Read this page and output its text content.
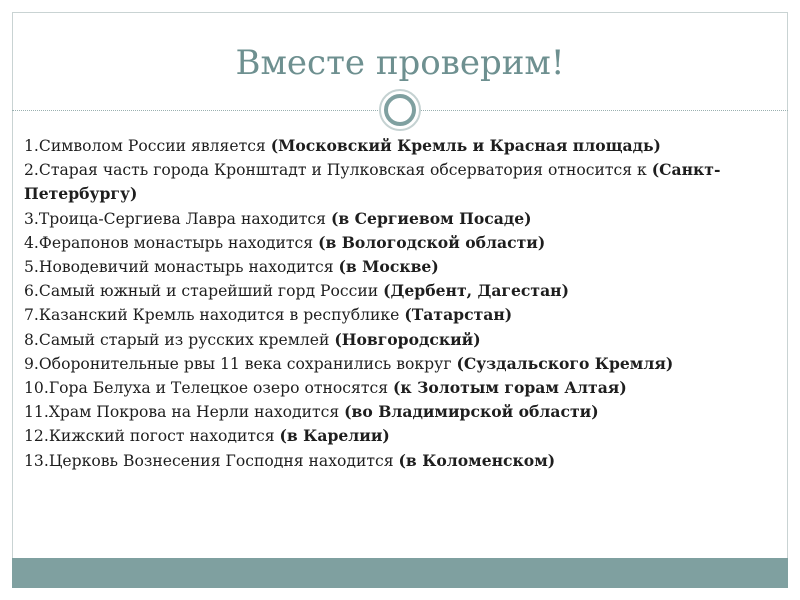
Вместе проверим!
1.Символом России является (Московский Кремль и Красная площадь)
2.Старая часть города Кронштадт и Пулковская обсерватория относится к (Санкт-Петербургу)
3.Троица-Сергиева Лавра находится (в Сергиевом Посаде)
4.Ферапонов монастырь находится (в Вологодской области)
5.Новодевичий монастырь находится (в Москве)
6.Самый южный и старейший горд России (Дербент, Дагестан)
7.Казанский Кремль находится в республике (Татарстан)
8.Самый старый из русских кремлей (Новгородский)
9.Оборонительные рвы 11 века сохранились вокруг (Суздальского Кремля)
10.Гора Белуха и Телецкое озеро относятся (к Золотым горам Алтая)
11.Храм Покрова на Нерли находится (во Владимирской области)
12.Кижский погост находится (в Карелии)
13.Церковь Вознесения Господня находится (в Коломенском)
